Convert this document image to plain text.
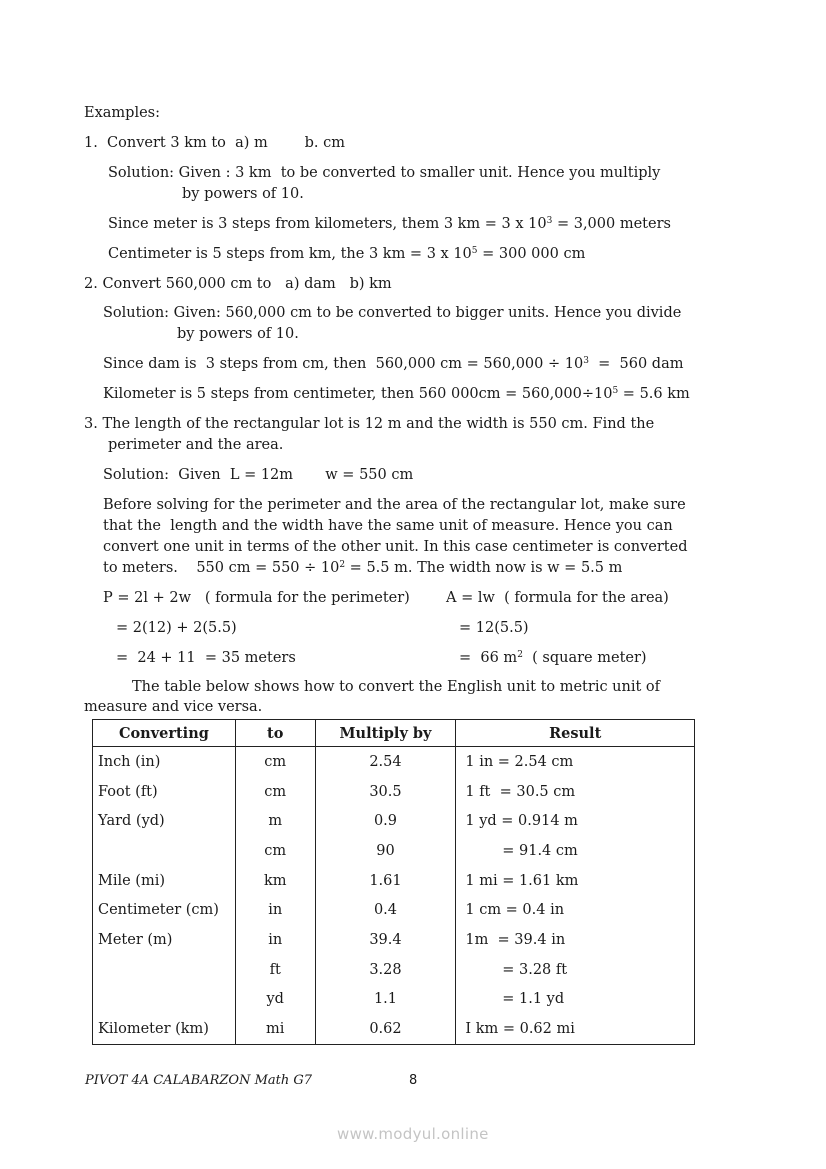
Examples:
1.  Convert 3 km to  a) m        b. cm
Solution: Given : 3 km  to be converted to smaller unit. Hence you multiply
by powers of 10.
Since meter is 3 steps from kilometers, them 3 km = 3 x $10^3 = 3,000$ meters
Centimeter is 5 steps from km, the 3 km = 3 x $10^5 = 300$ 000 cm
2. Convert 560,000 cm to   a) dam   b) km
Solution: Given: 560,000 cm to be converted to bigger units. Hence you divide
by powers of 10.
Since dam is  3 steps from cm, then  560,000 cm = $560,000 \div 10^3 = 560$ dam
Kilometer is 5 steps from centimeter, then 560 $000cm = 560,000\div 10^5 = 5.6$ km
3. The length of the rectangular lot is 12 m and the width is 550 cm. Find the
perimeter and the area.
Solution:  Given  L = 12m       w = 550 cm
Before solving for the perimeter and the area of the rectangular lot, make sure
that the  length and the width have the same unit of measure. Hence you can
convert one unit in terms of the other unit. In this case centimeter is converted
to meters.    550 cm = $550 \div 10^2 = 5.5$ m. The width now is w = 5.5 m
P = 2l + 2w   ( formula for the perimeter)
= 2(12) + 2(5.5)
=  24 + 11  = 35 meters
A = lw  ( formula for the area)
= 12(5.5)
=  66 $m^2$  ( square meter)
The table below shows how to convert the English unit to metric unit of
measure and vice versa.
Converting	to	Multiply by	Result
Inch (in)	cm	2.54	1 in = 2.54 cm
Foot (ft)	cm	30.5	1 ft  = 30.5 cm
Yard (yd)	m	0.9	1 yd = 0.914 m
	cm	90	= 91.4 cm
Mile (mi)	km	1.61	1 mi = 1.61 km
Centimeter (cm)	in	0.4	1 cm = 0.4 in
Meter (m)	in	39.4	1m  = 39.4 in
	ft	3.28	= 3.28 ft
	yd	1.1	= 1.1 yd
Kilometer (km)	mi	0.62	I km = 0.62 mi
PIVOT 4A CALABARZON Math G7	8
www.modyul.online
